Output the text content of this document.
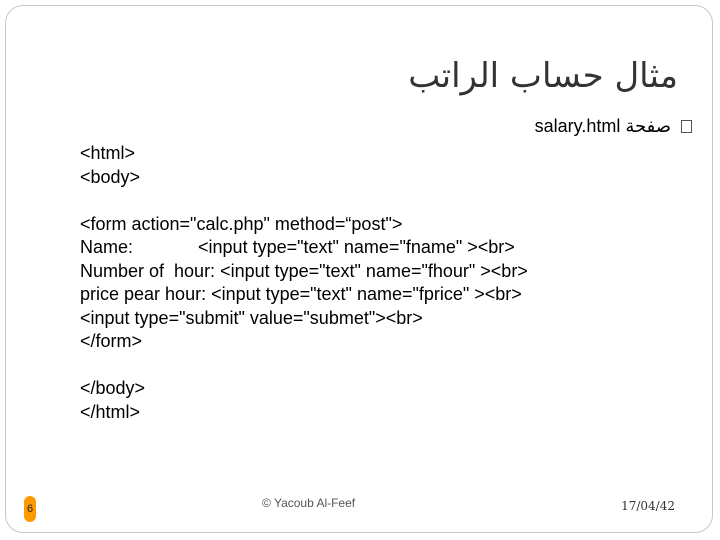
مثال حساب الراتب
salary.html صفحة
<html>
<body>
<form action="calc.php" method=“post">
Name:             <input type="text" name="fname" ><br>
Number of  hour: <input type="text" name="fhour" ><br>
price pear hour: <input type="text" name="fprice" ><br>
<input type="submit" value="submet"><br>
</form>
</body>
</html>
6	© Yacoub Al-Feef	17/04/42
